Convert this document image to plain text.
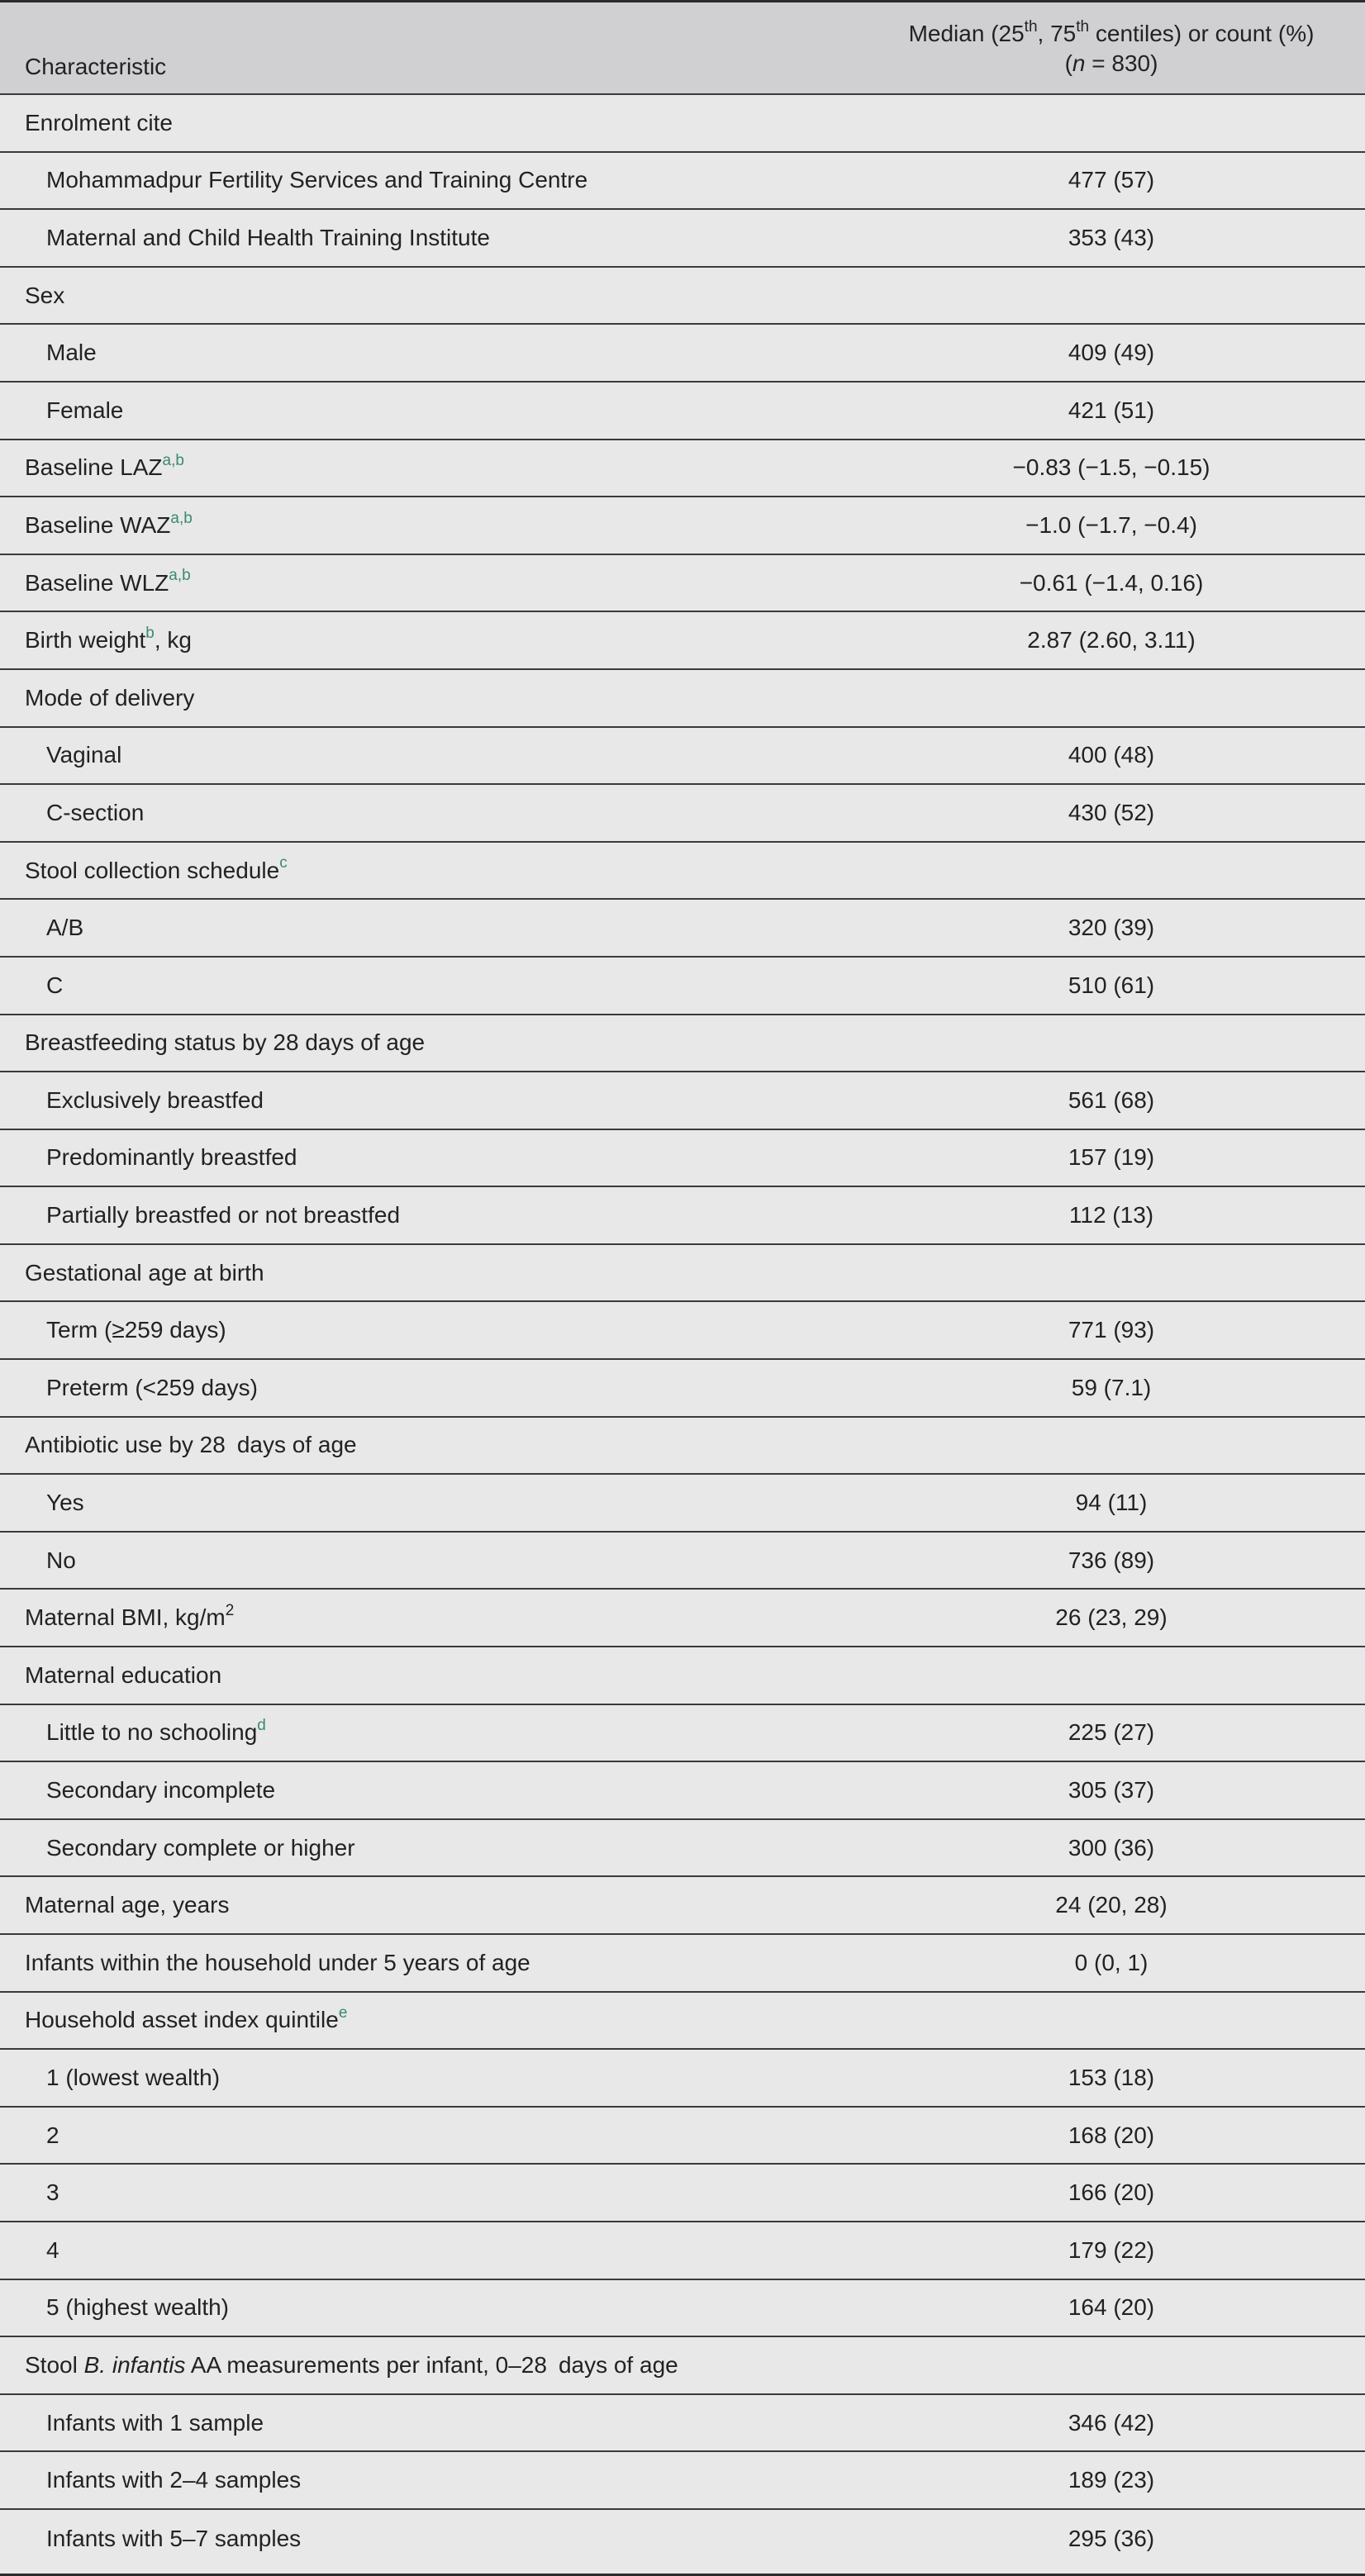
Characteristic
Median (25th, 75th centiles) or count (%)
(n = 830)
Enrolment cite
Mohammadpur Fertility Services and Training Centre	477 (57)
Maternal and Child Health Training Institute	353 (43)
Sex
Male	409 (49)
Female	421 (51)
Baseline LAZ$^{a,b}$	−0.83 (−1.5, −0.15)
Baseline WAZ$^{a,b}$	−1.0 (−1.7, −0.4)
Baseline WLZ$^{a,b}$	−0.61 (−1.4, 0.16)
Birth weight$^b$, kg	2.87 (2.60, 3.11)
Mode of delivery
Vaginal	400 (48)
C-section	430 (52)
Stool collection schedule$^c$
A/B	320 (39)
C	510 (61)
Breastfeeding status by 28 days of age
Exclusively breastfed	561 (68)
Predominantly breastfed	157 (19)
Partially breastfed or not breastfed	112 (13)
Gestational age at birth
Term (≥259 days)	771 (93)
Preterm (<259 days)	59 (7.1)
Antibiotic use by 28 days of age
Yes	94 (11)
No	736 (89)
Maternal BMI, $kg/m^2$	26 (23, 29)
Maternal education
Little to no schooling$^d$	225 (27)
Secondary incomplete	305 (37)
Secondary complete or higher	300 (36)
Maternal age, years	24 (20, 28)
Infants within the household under 5 years of age	0 (0, 1)
Household asset index quintile$^e$
1 (lowest wealth)	153 (18)
2	168 (20)
3	166 (20)
4	179 (22)
5 (highest wealth)	164 (20)
Stool B. infantis AA measurements per infant, 0–28 days of age
Infants with 1 sample	346 (42)
Infants with 2–4 samples	189 (23)
Infants with 5–7 samples	295 (36)
